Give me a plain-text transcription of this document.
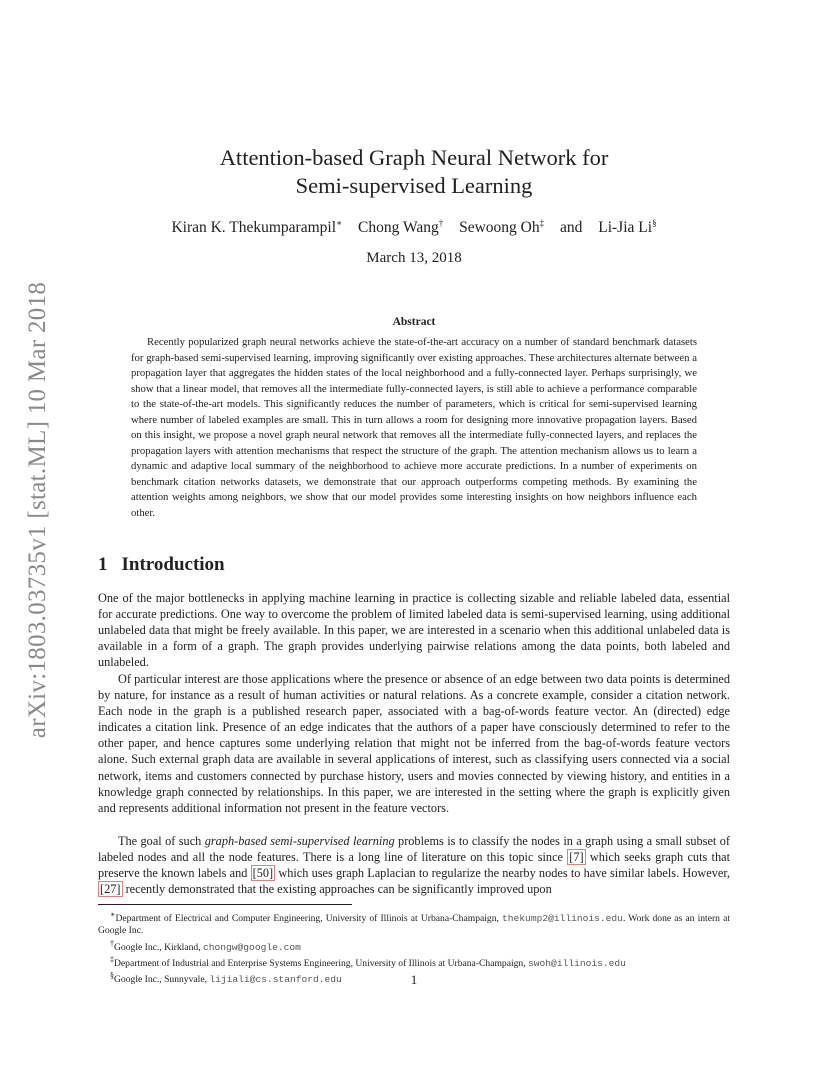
arXiv:1803.03735v1 [stat.ML] 10 Mar 2018
Attention-based Graph Neural Network for
Semi-supervised Learning
Kiran K. Thekumparampil∗ Chong Wang† Sewoong Oh‡ and Li-Jia Li§
March 13, 2018
Abstract

Recently popularized graph neural networks achieve the state-of-the-art accuracy on a number of standard benchmark datasets for graph-based semi-supervised learning, improving significantly over existing approaches. These architectures alternate between a propagation layer that aggregates the hidden states of the local neighborhood and a fully-connected layer. Perhaps surprisingly, we show that a linear model, that removes all the intermediate fully-connected layers, is still able to achieve a performance comparable to the state-of-the-art models. This significantly reduces the number of parameters, which is critical for semi-supervised learning where number of labeled examples are small. This in turn allows a room for designing more innovative propagation layers. Based on this insight, we propose a novel graph neural network that removes all the intermediate fully-connected layers, and replaces the propagation layers with attention mechanisms that respect the structure of the graph. The attention mechanism allows us to learn a dynamic and adaptive local summary of the neighborhood to achieve more accurate predictions. In a number of experiments on benchmark citation networks datasets, we demonstrate that our approach outperforms competing methods. By examining the attention weights among neighbors, we show that our model provides some interesting insights on how neighbors influence each other.

1 Introduction

One of the major bottlenecks in applying machine learning in practice is collecting sizable and reliable labeled data, essential for accurate predictions. One way to overcome the problem of limited labeled data is semi-supervised learning, using additional unlabeled data that might be freely available. In this paper, we are interested in a scenario when this additional unlabeled data is available in a form of a graph. The graph provides underlying pairwise relations among the data points, both labeled and unlabeled.

Of particular interest are those applications where the presence or absence of an edge between two data points is determined by nature, for instance as a result of human activities or natural relations. As a concrete example, consider a citation network. Each node in the graph is a published research paper, associated with a bag-of-words feature vector. An (directed) edge indicates a citation link. Presence of an edge indicates that the authors of a paper have consciously determined to refer to the other paper, and hence captures some underlying relation that might not be inferred from the bag-of-words feature vectors alone. Such external graph data are available in several applications of interest, such as classifying users connected via a social network, items and customers connected by purchase history, users and movies connected by viewing history, and entities in a knowledge graph connected by relationships. In this paper, we are interested in the setting where the graph is explicitly given and represents additional information not present in the feature vectors.

The goal of such graph-based semi-supervised learning problems is to classify the nodes in a graph using a small subset of labeled nodes and all the node features. There is a long line of literature on this topic since [7] which seeks graph cuts that preserve the known labels and [50] which uses graph Laplacian to regularize the nearby nodes to have similar labels. However, [27] recently demonstrated that the existing approaches can be significantly improved upon

∗Department of Electrical and Computer Engineering, University of Illinois at Urbana-Champaign, thekump2@illinois.edu. Work done as an intern at Google Inc.

†Google Inc., Kirkland, chongw@google.com

‡Department of Industrial and Enterprise Systems Engineering, University of Illinois at Urbana-Champaign, swoh@illinois.edu

§Google Inc., Sunnyvale, lijiali@cs.stanford.edu	1
